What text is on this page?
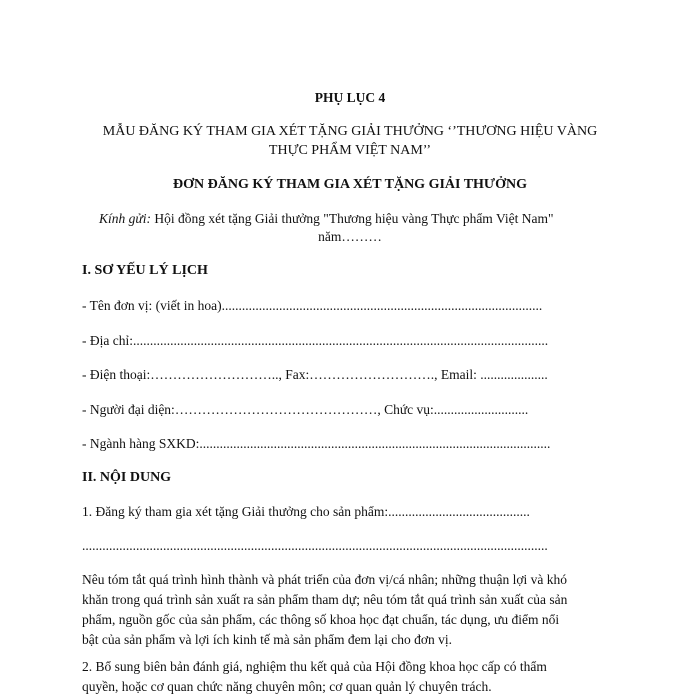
PHỤ LỤC 4
MẪU ĐĂNG KÝ THAM GIA XÉT TẶNG GIẢI THƯỞNG ‘’THƯƠNG HIỆU VÀNG
THỰC PHẨM VIỆT NAM’’
ĐƠN ĐĂNG KÝ THAM GIA XÉT TẶNG GIẢI THƯỞNG
Kính gửi: Hội đồng xét tặng Giải thưởng "Thương hiệu vàng Thực phẩm Việt Nam"
năm………
I. SƠ YẾU LÝ LỊCH
- Tên đơn vị: (viết in hoa)...............................................................................................
- Địa chỉ:...........................................................................................................................
- Điện thoại:……………………….., Fax:………………………., Email: ....................
- Người đại diện:………………………………………, Chức vụ:............................
- Ngành hàng SXKD:........................................................................................................
II. NỘI DUNG
1. Đăng ký tham gia xét tặng Giải thưởng cho sản phẩm:..........................................
..........................................................................................................................................

Nêu tóm tắt quá trình hình thành và phát triển của đơn vị/cá nhân; những thuận lợi và khó

khăn trong quá trình sản xuất ra sản phẩm tham dự; nêu tóm tắt quá trình sản xuất của sản

phẩm, nguồn gốc của sản phẩm, các thông số khoa học đạt chuẩn, tác dụng, ưu điểm nổi

bật của sản phẩm và lợi ích kinh tế mà sản phẩm đem lại cho đơn vị.

2. Bổ sung biên bản đánh giá, nghiệm thu kết quả của Hội đồng khoa học cấp có thẩm

quyền, hoặc cơ quan chức năng chuyên môn; cơ quan quản lý chuyên trách.
